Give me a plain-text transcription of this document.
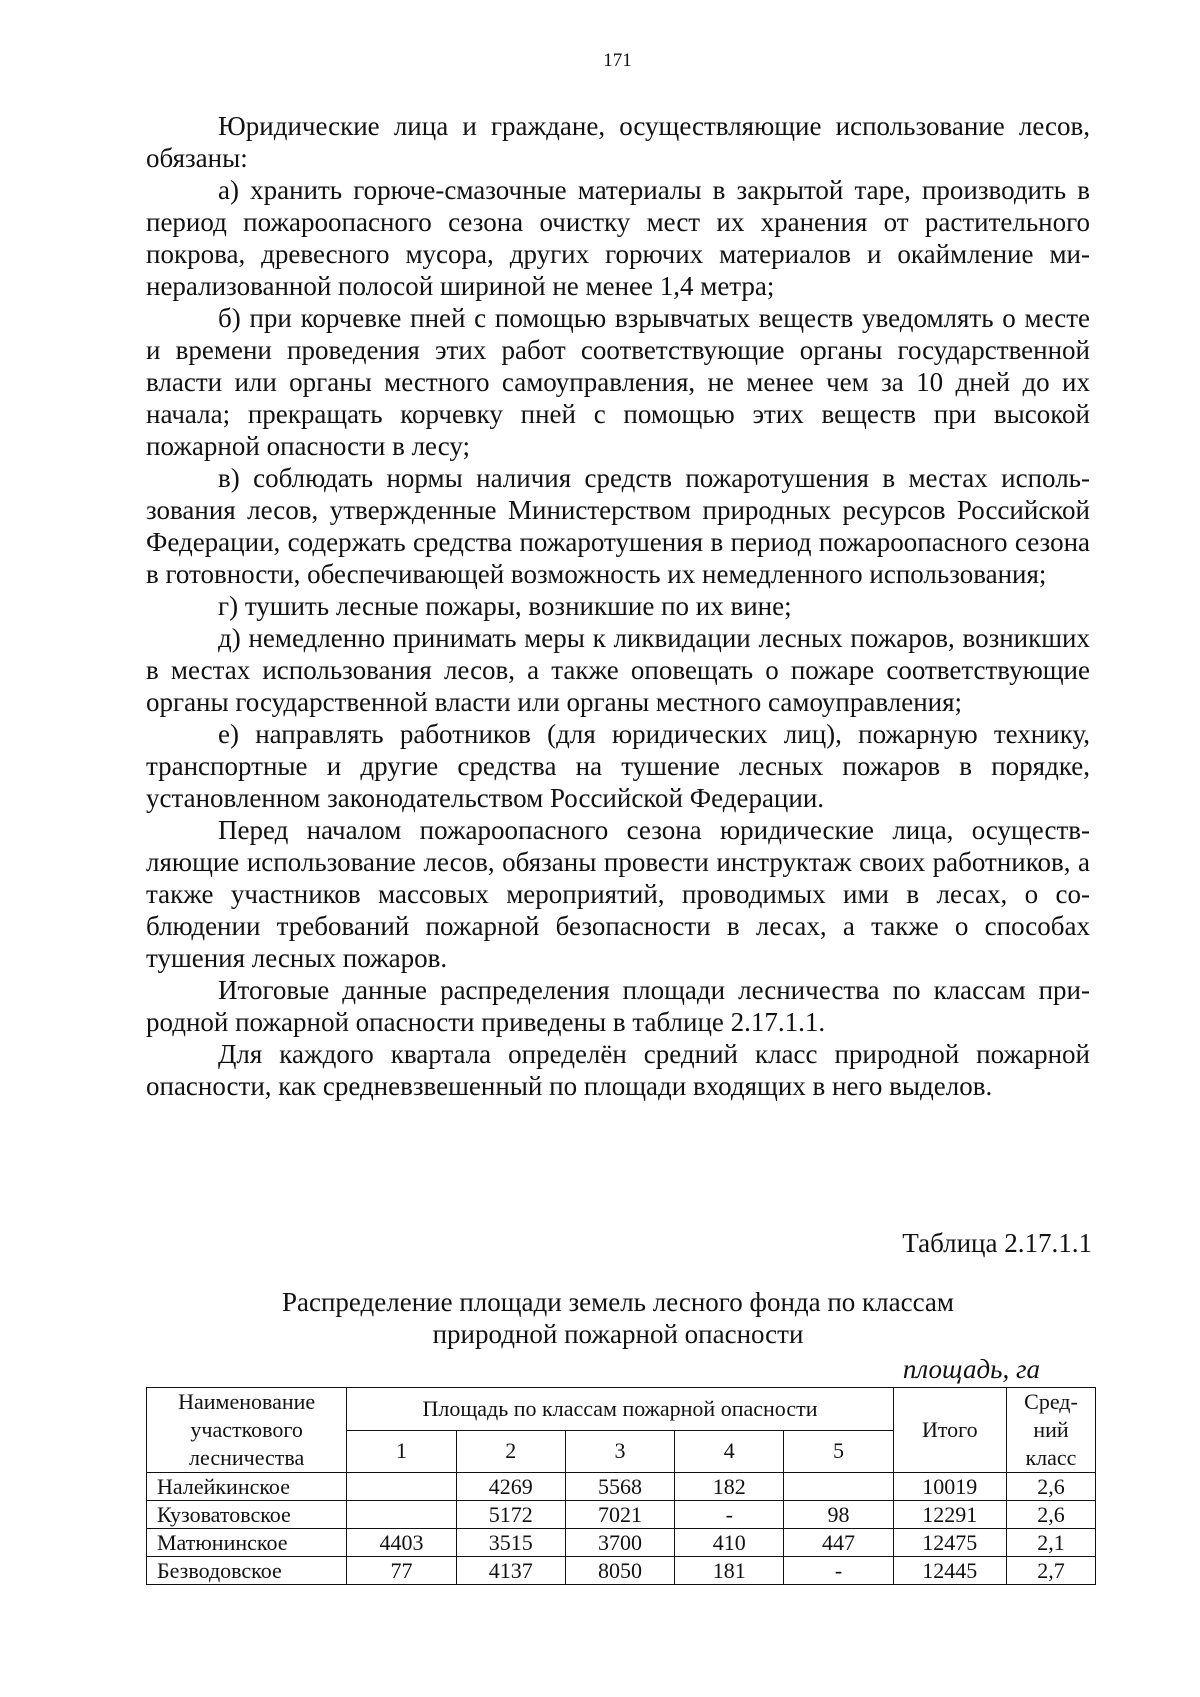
171

Юридические лица и граждане, осуществляющие использование лесов, обязаны:

а) хранить горюче-смазочные материалы в закрытой таре, производить в период пожароопасного сезона очистку мест их хранения от растительного покрова, древесного мусора, других горючих материалов и окаймление минерализованной полосой шириной не менее 1,4 метра;

б) при корчевке пней с помощью взрывчатых веществ уведомлять о месте и времени проведения этих работ соответствующие органы государственной власти или органы местного самоуправления, не менее чем за 10 дней до их начала; прекращать корчевку пней с помощью этих веществ при высокой пожарной опасности в лесу;

в) соблюдать нормы наличия средств пожаротушения в местах использования лесов, утвержденные Министерством природных ресурсов Российской Федерации, содержать средства пожаротушения в период пожароопасного сезона в готовности, обеспечивающей возможность их немедленного использования;

г) тушить лесные пожары, возникшие по их вине;

д) немедленно принимать меры к ликвидации лесных пожаров, возникших в местах использования лесов, а также оповещать о пожаре соответствующие органы государственной власти или органы местного самоуправления;

е) направлять работников (для юридических лиц), пожарную технику, транспортные и другие средства на тушение лесных пожаров в порядке, установленном законодательством Российской Федерации.

Перед началом пожароопасного сезона юридические лица, осуществляющие использование лесов, обязаны провести инструктаж своих работников, а также участников массовых мероприятий, проводимых ими в лесах, о соблюдении требований пожарной безопасности в лесах, а также о способах тушения лесных пожаров.

Итоговые данные распределения площади лесничества по классам природной пожарной опасности приведены в таблице 2.17.1.1.

Для каждого квартала определён средний класс природной пожарной опасности, как средневзвешенный по площади входящих в него выделов.

Таблица 2.17.1.1
Распределение площади земель лесного фонда по классам
природной пожарной опасности
площадь, га
Наименование участкового лесничества	Площадь по классам пожарной опасности					Итого	Средний класс
	1	2	3	4	5		
Налейкинское		4269	5568	182		10019	2,6
Кузоватовское		5172	7021	-	98	12291	2,6
Матюнинское	4403	3515	3700	410	447	12475	2,1
Безводовское	77	4137	8050	181	-	12445	2,7
